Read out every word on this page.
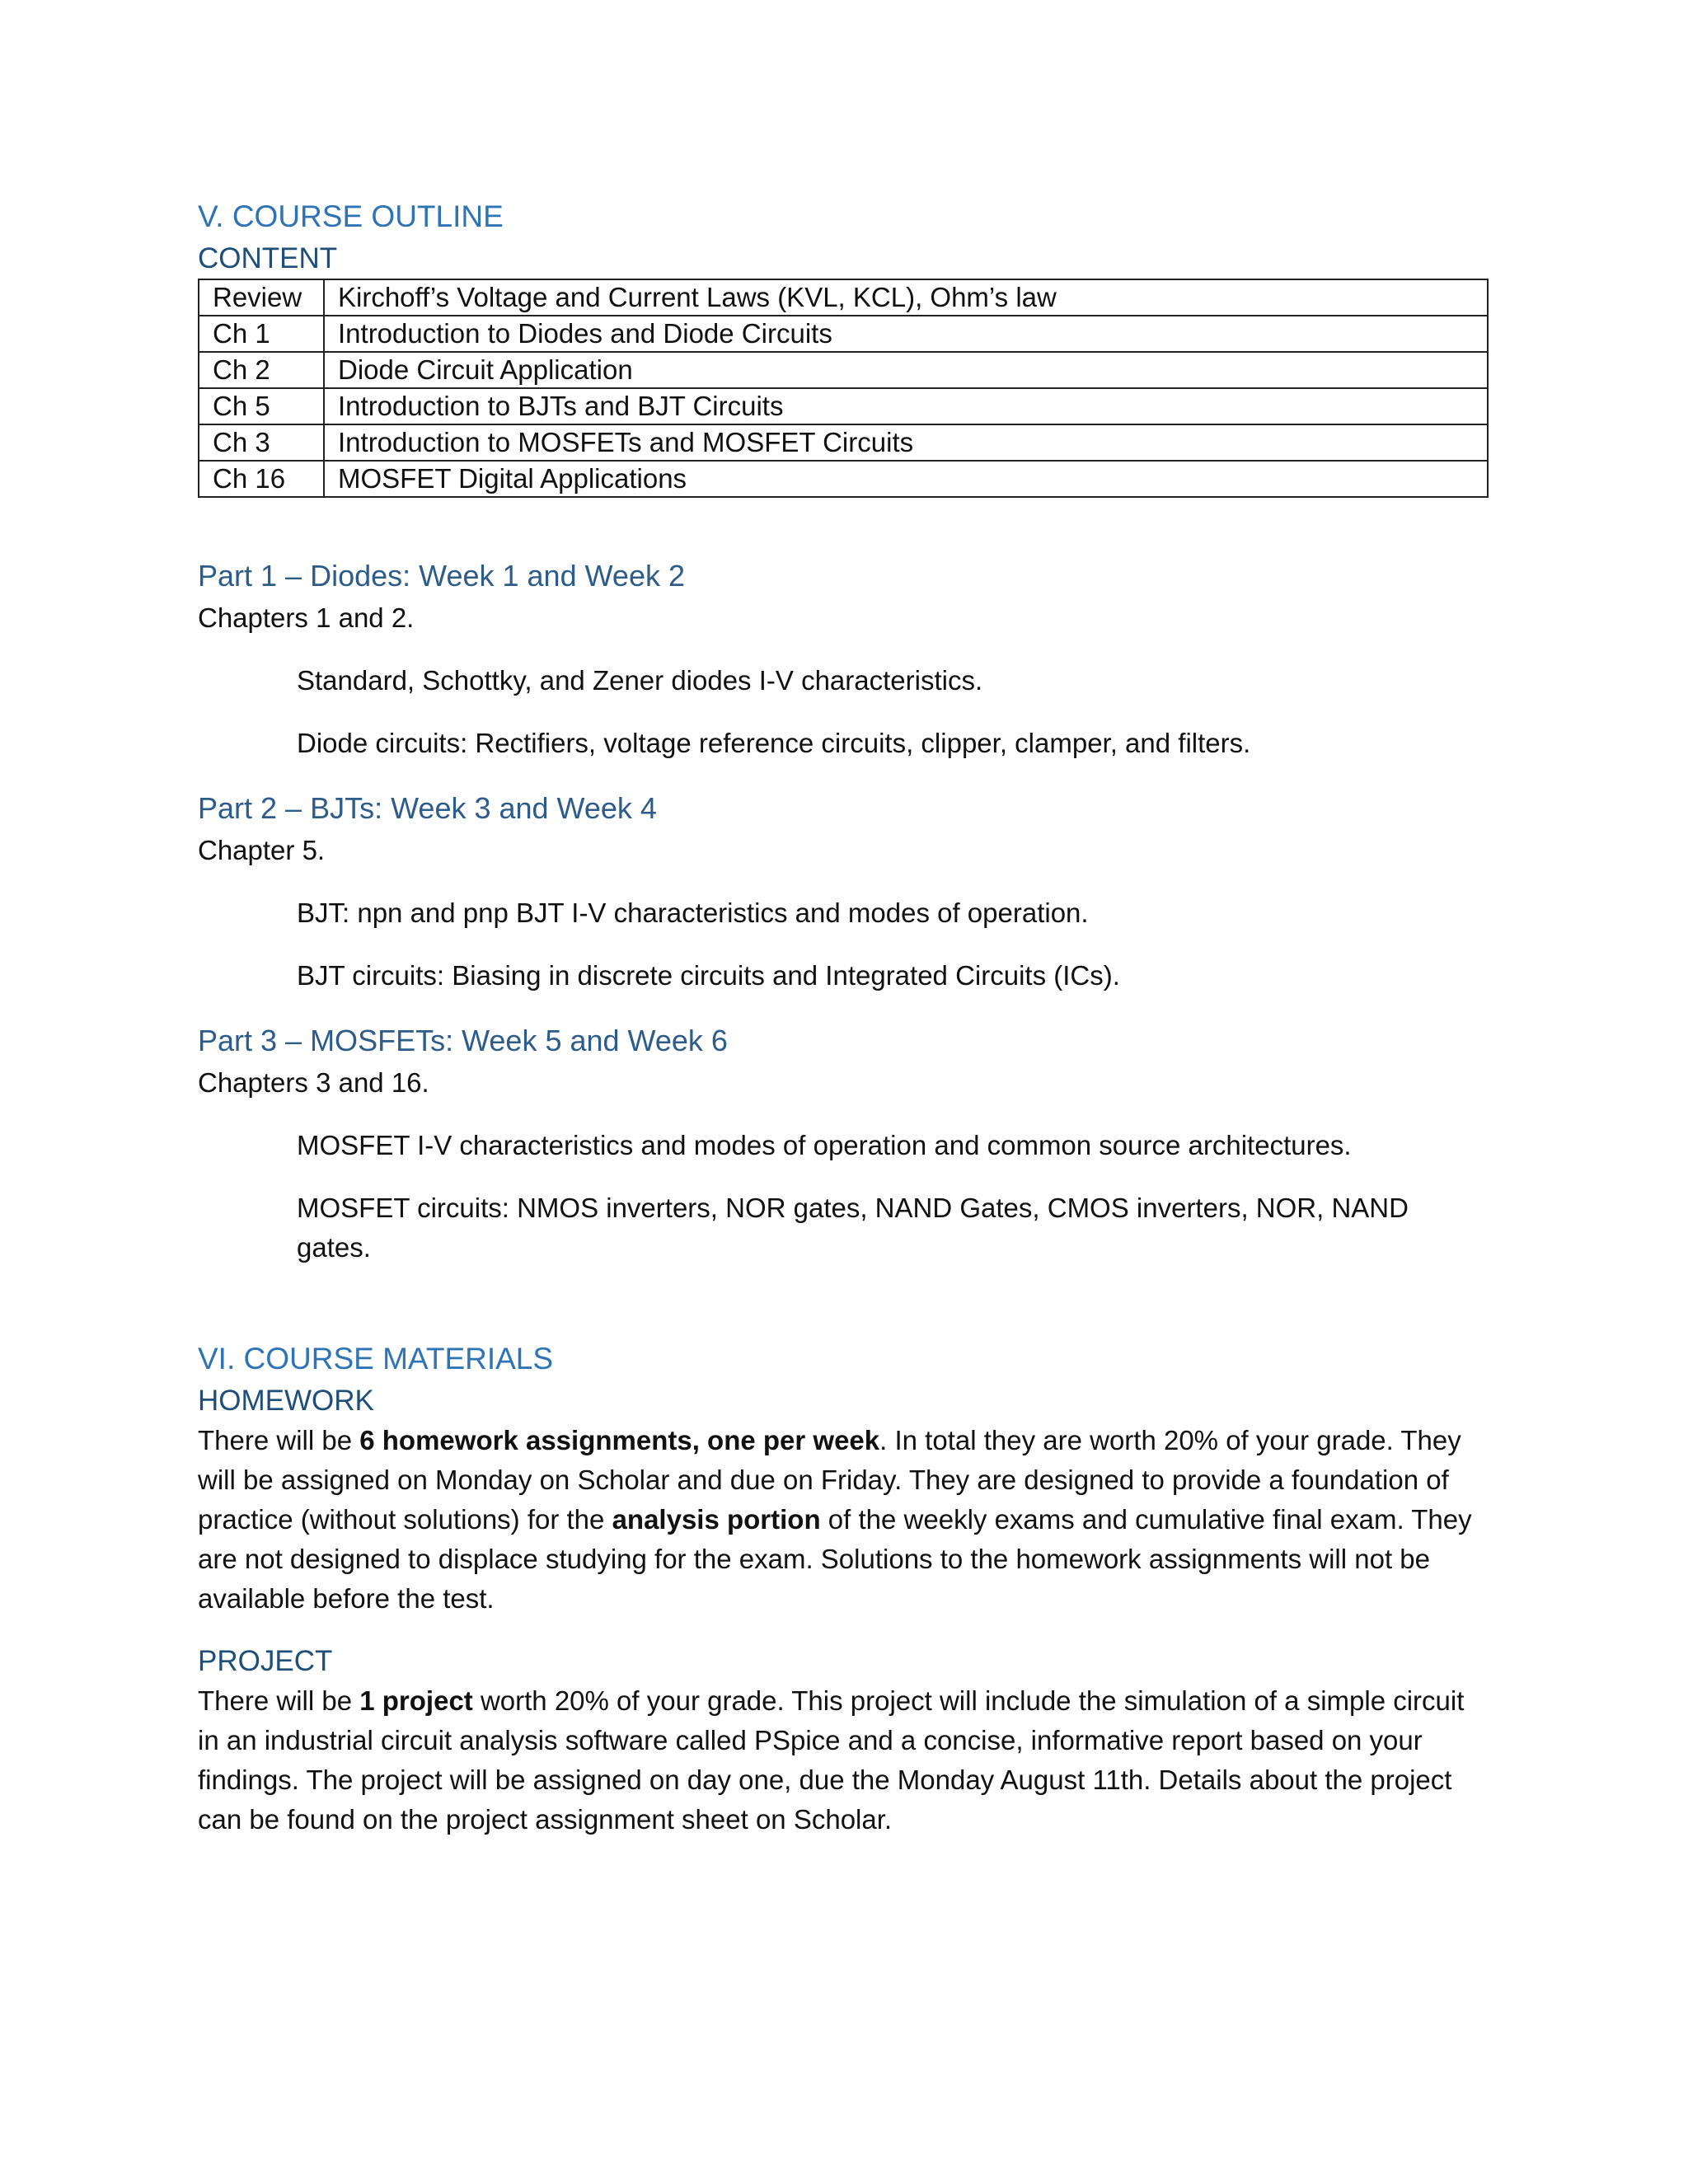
V. COURSE OUTLINE
CONTENT
Review	Kirchoff’s Voltage and Current Laws (KVL, KCL), Ohm’s law
Ch 1	Introduction to Diodes and Diode Circuits
Ch 2	Diode Circuit Application
Ch 5	Introduction to BJTs and BJT Circuits
Ch 3	Introduction to MOSFETs and MOSFET Circuits
Ch 16	MOSFET Digital Applications
Part 1 – Diodes: Week 1 and Week 2

Chapters 1 and 2.

Standard, Schottky, and Zener diodes I-V characteristics.

Diode circuits: Rectifiers, voltage reference circuits, clipper, clamper, and filters.

Part 2 – BJTs: Week 3 and Week 4

Chapter 5.

BJT: npn and pnp BJT I-V characteristics and modes of operation.

BJT circuits: Biasing in discrete circuits and Integrated Circuits (ICs).

Part 3 – MOSFETs: Week 5 and Week 6

Chapters 3 and 16.

MOSFET I-V characteristics and modes of operation and common source architectures.

MOSFET circuits: NMOS inverters, NOR gates, NAND Gates, CMOS inverters, NOR, NAND gates.

VI. COURSE MATERIALS
HOMEWORK

There will be 6 homework assignments, one per week. In total they are worth 20% of your grade. They will be assigned on Monday on Scholar and due on Friday. They are designed to provide a foundation of practice (without solutions) for the analysis portion of the weekly exams and cumulative final exam. They are not designed to displace studying for the exam. Solutions to the homework assignments will not be available before the test.

PROJECT

There will be 1 project worth 20% of your grade. This project will include the simulation of a simple circuit in an industrial circuit analysis software called PSpice and a concise, informative report based on your findings. The project will be assigned on day one, due the Monday August 11th. Details about the project can be found on the project assignment sheet on Scholar.
